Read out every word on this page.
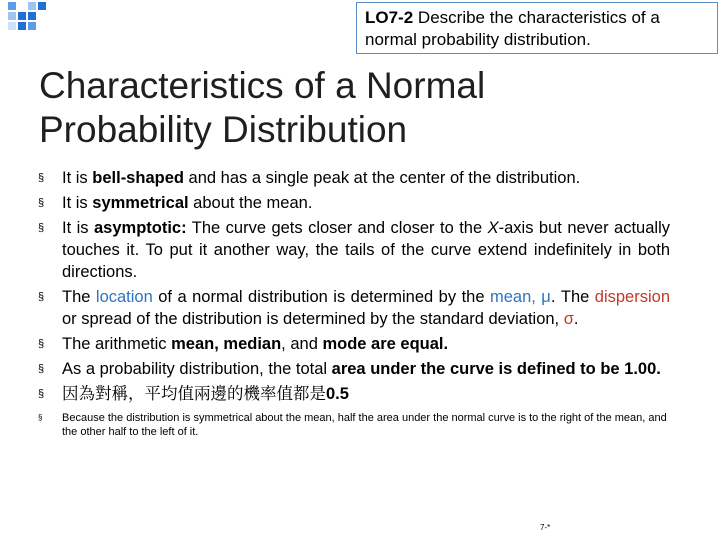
LO7-2 Describe the characteristics of a normal probability distribution.
Characteristics of a Normal Probability Distribution
§ It is bell-shaped and has a single peak at the center of the distribution.
§ It is symmetrical about the mean.
§ It is asymptotic: The curve gets closer and closer to the X-axis but never actually touches it. To put it another way, the tails of the curve extend indefinitely in both directions.
§ The location of a normal distribution is determined by the mean, μ. The dispersion or spread of the distribution is determined by the standard deviation, σ.
§ The arithmetic mean, median, and mode are equal.
§ As a probability distribution, the total area under the curve is defined to be 1.00.
§ 因為對稱，平均值兩邊的機率值都是0.5
§ Because the distribution is symmetrical about the mean, half the area under the normal curve is to the right of the mean, and the other half to the left of it.
7-*
